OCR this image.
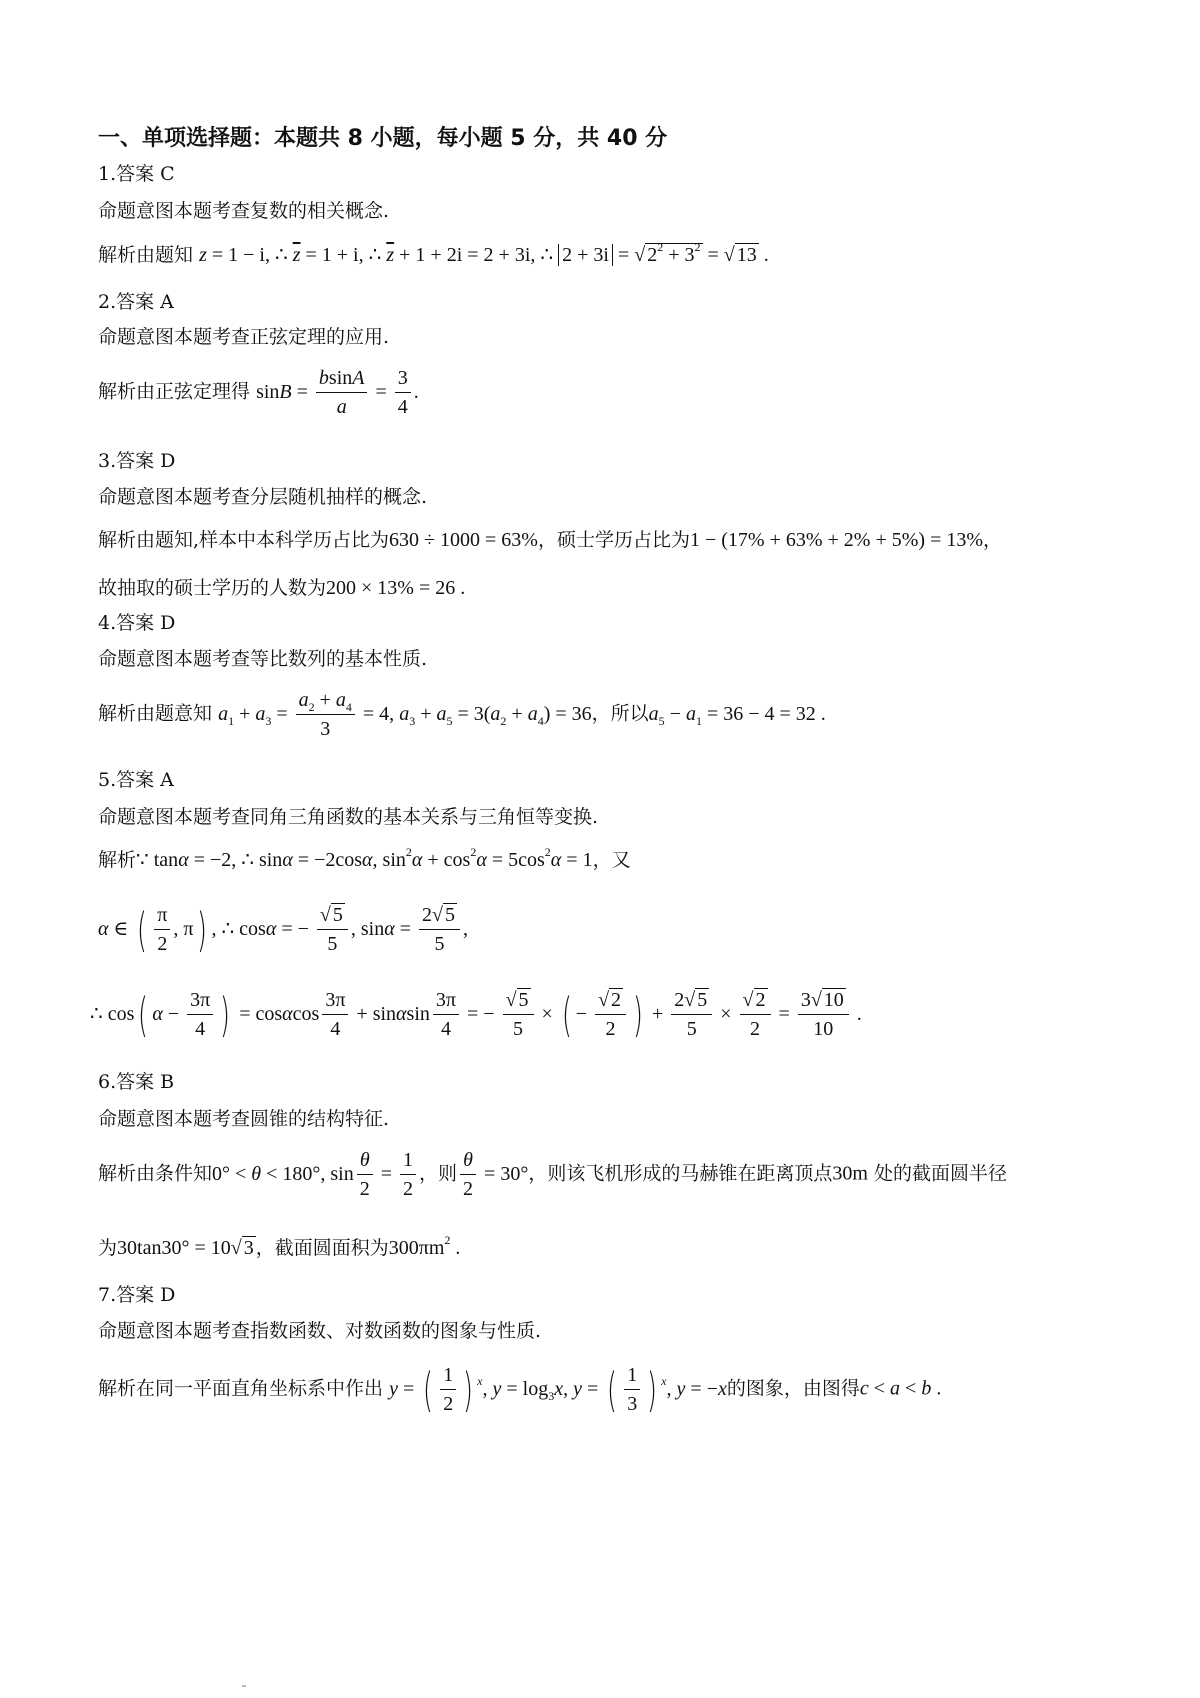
一、单项选择题：本题共 8 小题，每小题 5 分，共 40 分
1.答案 C
命题意图本题考查复数的相关概念.
解析由题知 z = 1 − i, ∴ $\overline{z} = 1 + i$, ∴ $\overline{z} + 1 + 2i = 2 + 3i$, ∴ 2 + 3i = √ $2^2 + 3^2$ = √ 13 .
2.答案 A
命题意图本题考查正弦定理的应用.
解析由正弦定理得 $\sin B = \frac{bsinA}{a} = \frac{3}{4}$ .
3.答案 D
命题意图本题考查分层随机抽样的概念.
解析由题知,样本中本科学历占比为630 ÷ 1000 = 63%，硕士学历占比为1 − (17% + 63% + 2% + 5%) = 13%，
故抽取的硕士学历的人数为200 × 13% = 26 .
4.答案 D
命题意图本题考查等比数列的基本性质.
解析由题意知 $a_1 + a_3 = \frac{a_2 + a_4}{3} = 4$, $a_3 + a_5 = 3(a_2 + a_4) = 36$，所以$a_5 - a_1 = 36 - 4 = 32$ .
5.答案 A
命题意图本题考查同角三角函数的基本关系与三角恒等变换.
解析∵ tanα = −2, ∴ sinα = −2cosα, $\sin^2\alpha + \cos^2\alpha = 5\cos^2\alpha = 1$，又
α ∈ ( $\frac{\pi}{2}$ , π) , ∴ cosα = − $\frac{√ 5}{5}$ , $\sin\alpha = \frac{2√ 5}{5}$ ,
∴ cos( $\alpha - \frac{3\pi}{4}$ ) = cosαcos $\frac{3\pi}{4} + \sin\alpha\sin \frac{3\pi}{4}$ = − $\frac{√ 5}{5}$ × ( − $\frac{√ 2}{2}$ ) + $\frac{2√ 5}{5} \times \frac{√ 2}{2} = \frac{3√ 10}{10}$ .
6.答案 B
命题意图本题考查圆锥的结构特征.
解析由条件知0° < θ < 180°, $\sin \frac{\theta}{2} = \frac{1}{2}$ ，则 $\frac{\theta}{2} = 30^\circ$，则该飞机形成的马赫锥在距离顶点30m 处的截面圆半径
为30tan30° = 10√ 3 ，截面圆面积为$300\pi m^2$ .
7.答案 D
命题意图本题考查指数函数、对数函数的图象与性质.
解析在同一平面直角坐标系中作出 y = ( $\frac{1}{2}$ ) $^x$, $y = \log_3x$, y = ( $\frac{1}{3}$ ) $^x$, y = −x的图象，由图得c < a < b .
